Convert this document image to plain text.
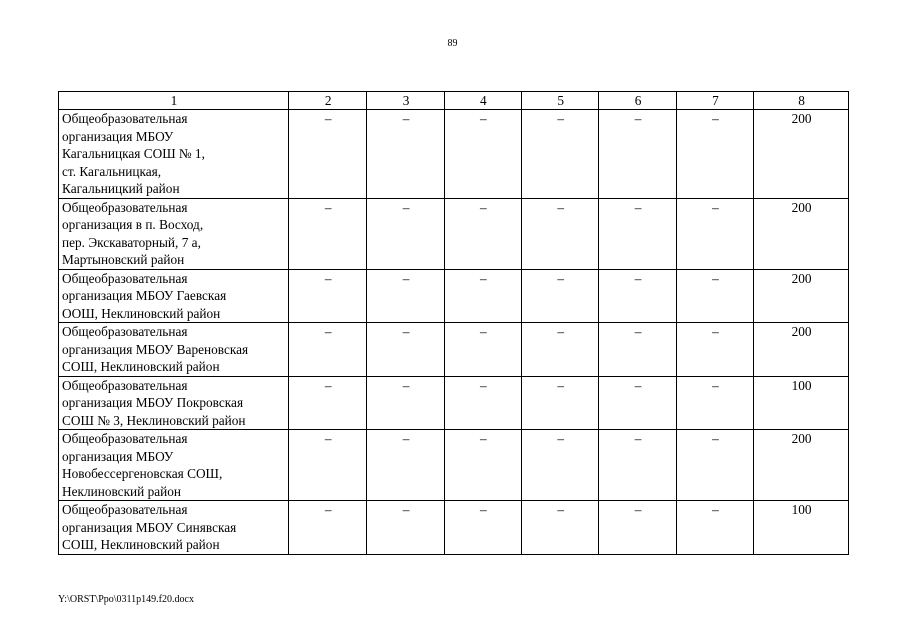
89
1	2	3	4	5	6	7	8

Общеобразовательная
организация МБОУ
Кагальницкая СОШ № 1,
ст. Кагальницкая,
Кагальницкий район	–	–	–	–	–	–	200

Общеобразовательная
организация в п. Восход,
пер. Экскаваторный, 7 а,
Мартыновский район	–	–	–	–	–	–	200

Общеобразовательная
организация МБОУ Гаевская
ООШ, Неклиновский район	–	–	–	–	–	–	200

Общеобразовательная
организация МБОУ Вареновская
СОШ, Неклиновский район	–	–	–	–	–	–	200

Общеобразовательная
организация МБОУ Покровская
СОШ № 3, Неклиновский район	–	–	–	–	–	–	100

Общеобразовательная
организация МБОУ
Новобессергеновская СОШ,
Неклиновский район	–	–	–	–	–	–	200

Общеобразовательная
организация МБОУ Синявская
СОШ, Неклиновский район	–	–	–	–	–	–	100
Y:\ORST\Ppo\0311p149.f20.docx
